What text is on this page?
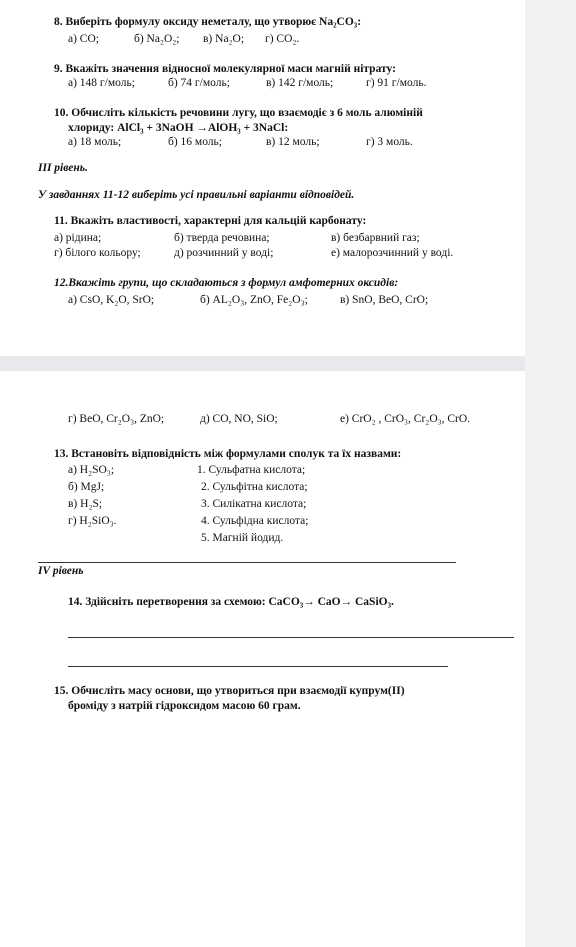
8. Виберіть формулу оксиду неметалу, що утворює Na₂CO₃:
а) CO;	б) Na₂O₂; в) Na₂O; г) CO₂.
9. Вкажіть значення відносної молекулярної маси магній нітрату:
а) 148 г/моль;	б) 74 г/моль;	в) 142 г/моль;	г) 91 г/моль.
10. Обчисліть кількість речовини лугу, що взаємодіє з 6 моль алюміній
хлориду: AlCl₃ + 3NaOH →AlOH₃ + 3NaCl:
а) 18 моль;	б) 16 моль;	в) 12 моль;	г) 3 моль.
III рівень.
У завданнях 11-12 виберіть усі правильні варіанти відповідей.
11. Вкажіть властивості, характерні для кальцій карбонату:
а) рідина;	б) тверда речовина;	в) безбарвний газ;
г) білого кольору;	д) розчинний у воді;	е) малорозчинний у воді.
12.Вкажіть групи, що складаються з формул амфотерних оксидів:
а) CsO, K₂O, SrO;	б) AL₂O₃, ZnO, Fe₂O₃;	в) SnO, BeO, CrO;
г) BeO, Cr₂O₃, ZnO;	д) CO, NO, SiO;	е) CrO₂ , CrO₃, Cr₂O₃, CrO.
13. Встановіть відповідність між формулами сполук та їх назвами:
а) H₂SO₃;
б) MgJ;
в) H₂S;
г) H₂SiO₃.
1. Сульфатна кислота;
2. Сульфітна кислота;
3. Силікатна кислота;
4. Сульфідна кислота;
5. Магній йодид.
IV рівень
14. Здійсніть перетворення за схемою: CaCO₃→ CaO→ CaSiO₃.
15. Обчисліть масу основи, що утвориться при взаємодії купрум(II)
броміду з натрій гідроксидом масою 60 грам.
